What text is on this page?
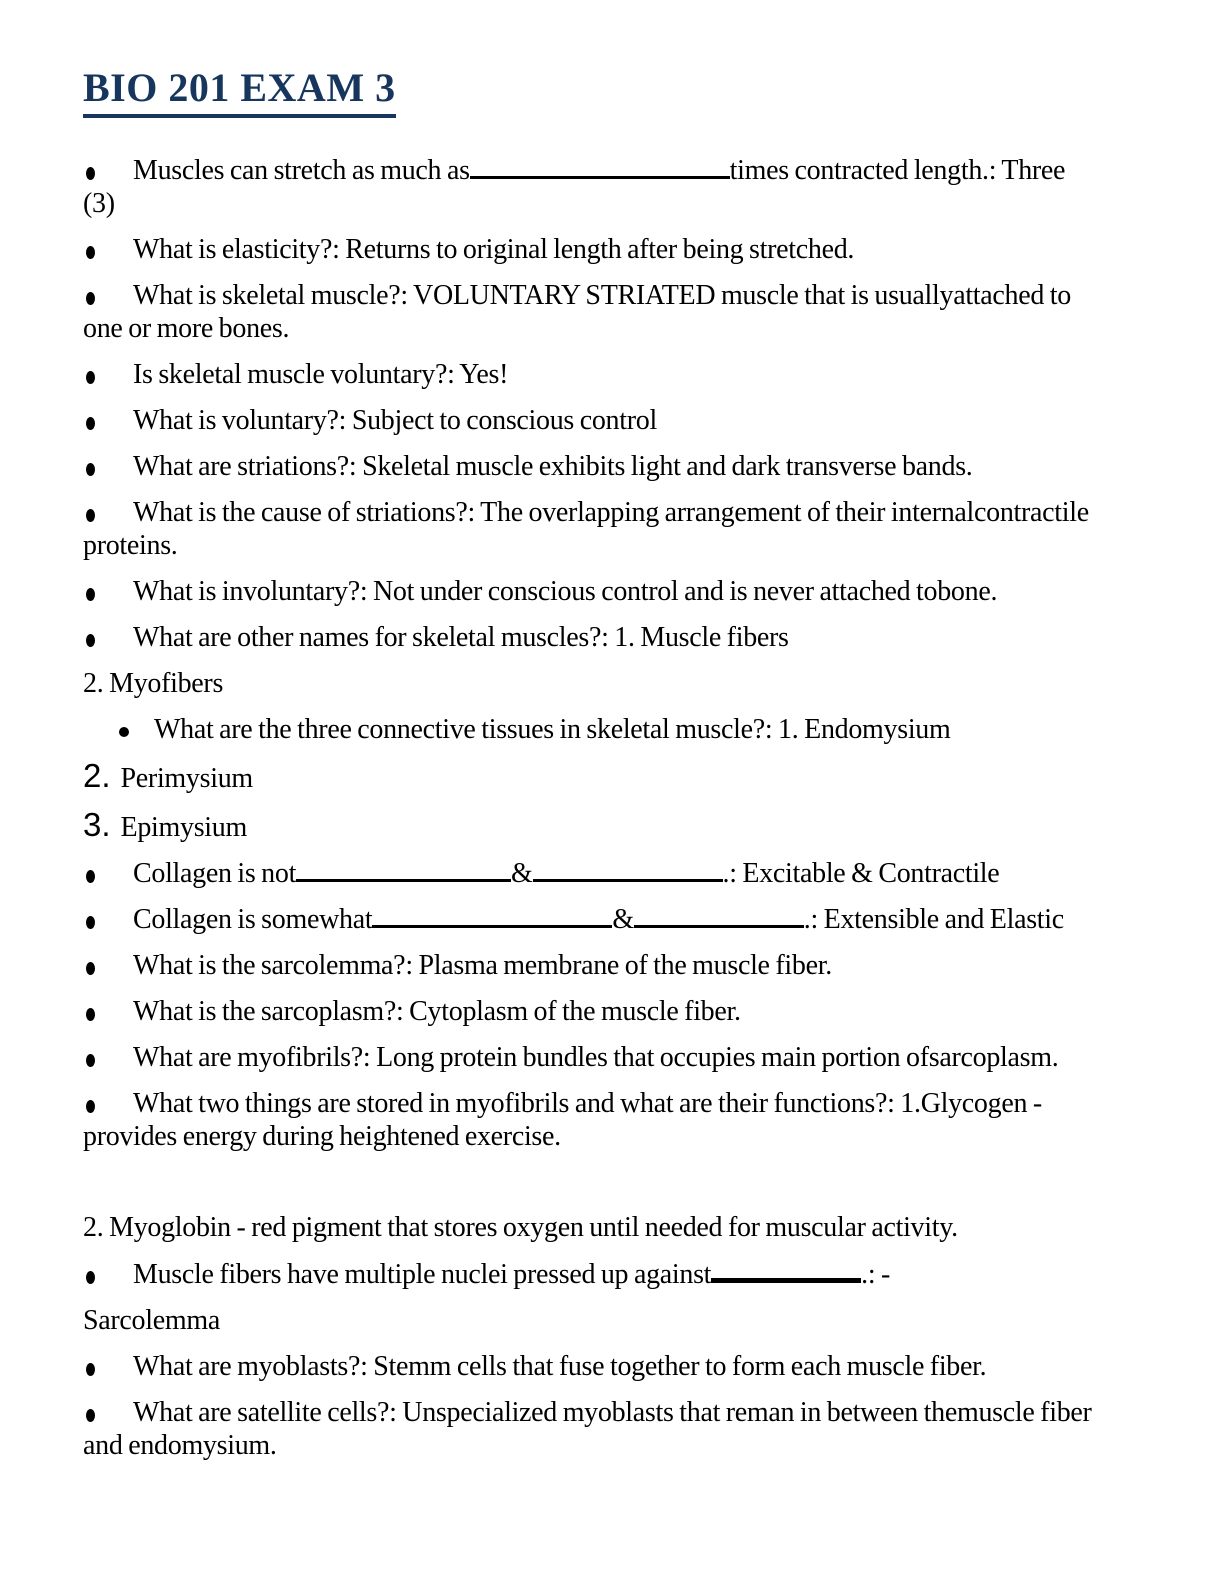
BIO 201 EXAM 3

Muscles can stretch as much as	times contracted length.: Three
(3)

What is elasticity?: Returns to original length after being stretched.

What is skeletal muscle?: VOLUNTARY STRIATED muscle that is usuallyattached to
one or more bones.

Is skeletal muscle voluntary?: Yes!

What is voluntary?: Subject to conscious control

What are striations?: Skeletal muscle exhibits light and dark transverse bands.

What is the cause of striations?: The overlapping arrangement of their internalcontractile
proteins.

What is involuntary?: Not under conscious control and is never attached tobone.

What are other names for skeletal muscles?: 1. Muscle fibers

2. Myofibers

What are the three connective tissues in skeletal muscle?: 1. Endomysium

2. Perimysium

3. Epimysium

Collagen is not	&	.: Excitable & Contractile

Collagen is somewhat	&	.: Extensible and Elastic

What is the sarcolemma?: Plasma membrane of the muscle fiber.

What is the sarcoplasm?: Cytoplasm of the muscle fiber.

What are myofibrils?: Long protein bundles that occupies main portion ofsarcoplasm.

What two things are stored in myofibrils and what are their functions?: 1.Glycogen -
provides energy during heightened exercise.

2. Myoglobin - red pigment that stores oxygen until needed for muscular activity.

Muscle fibers have multiple nuclei pressed up against	.: -

Sarcolemma

What are myoblasts?: Stemm cells that fuse together to form each muscle fiber.

What are satellite cells?: Unspecialized myoblasts that reman in between themuscle fiber
and endomysium.
